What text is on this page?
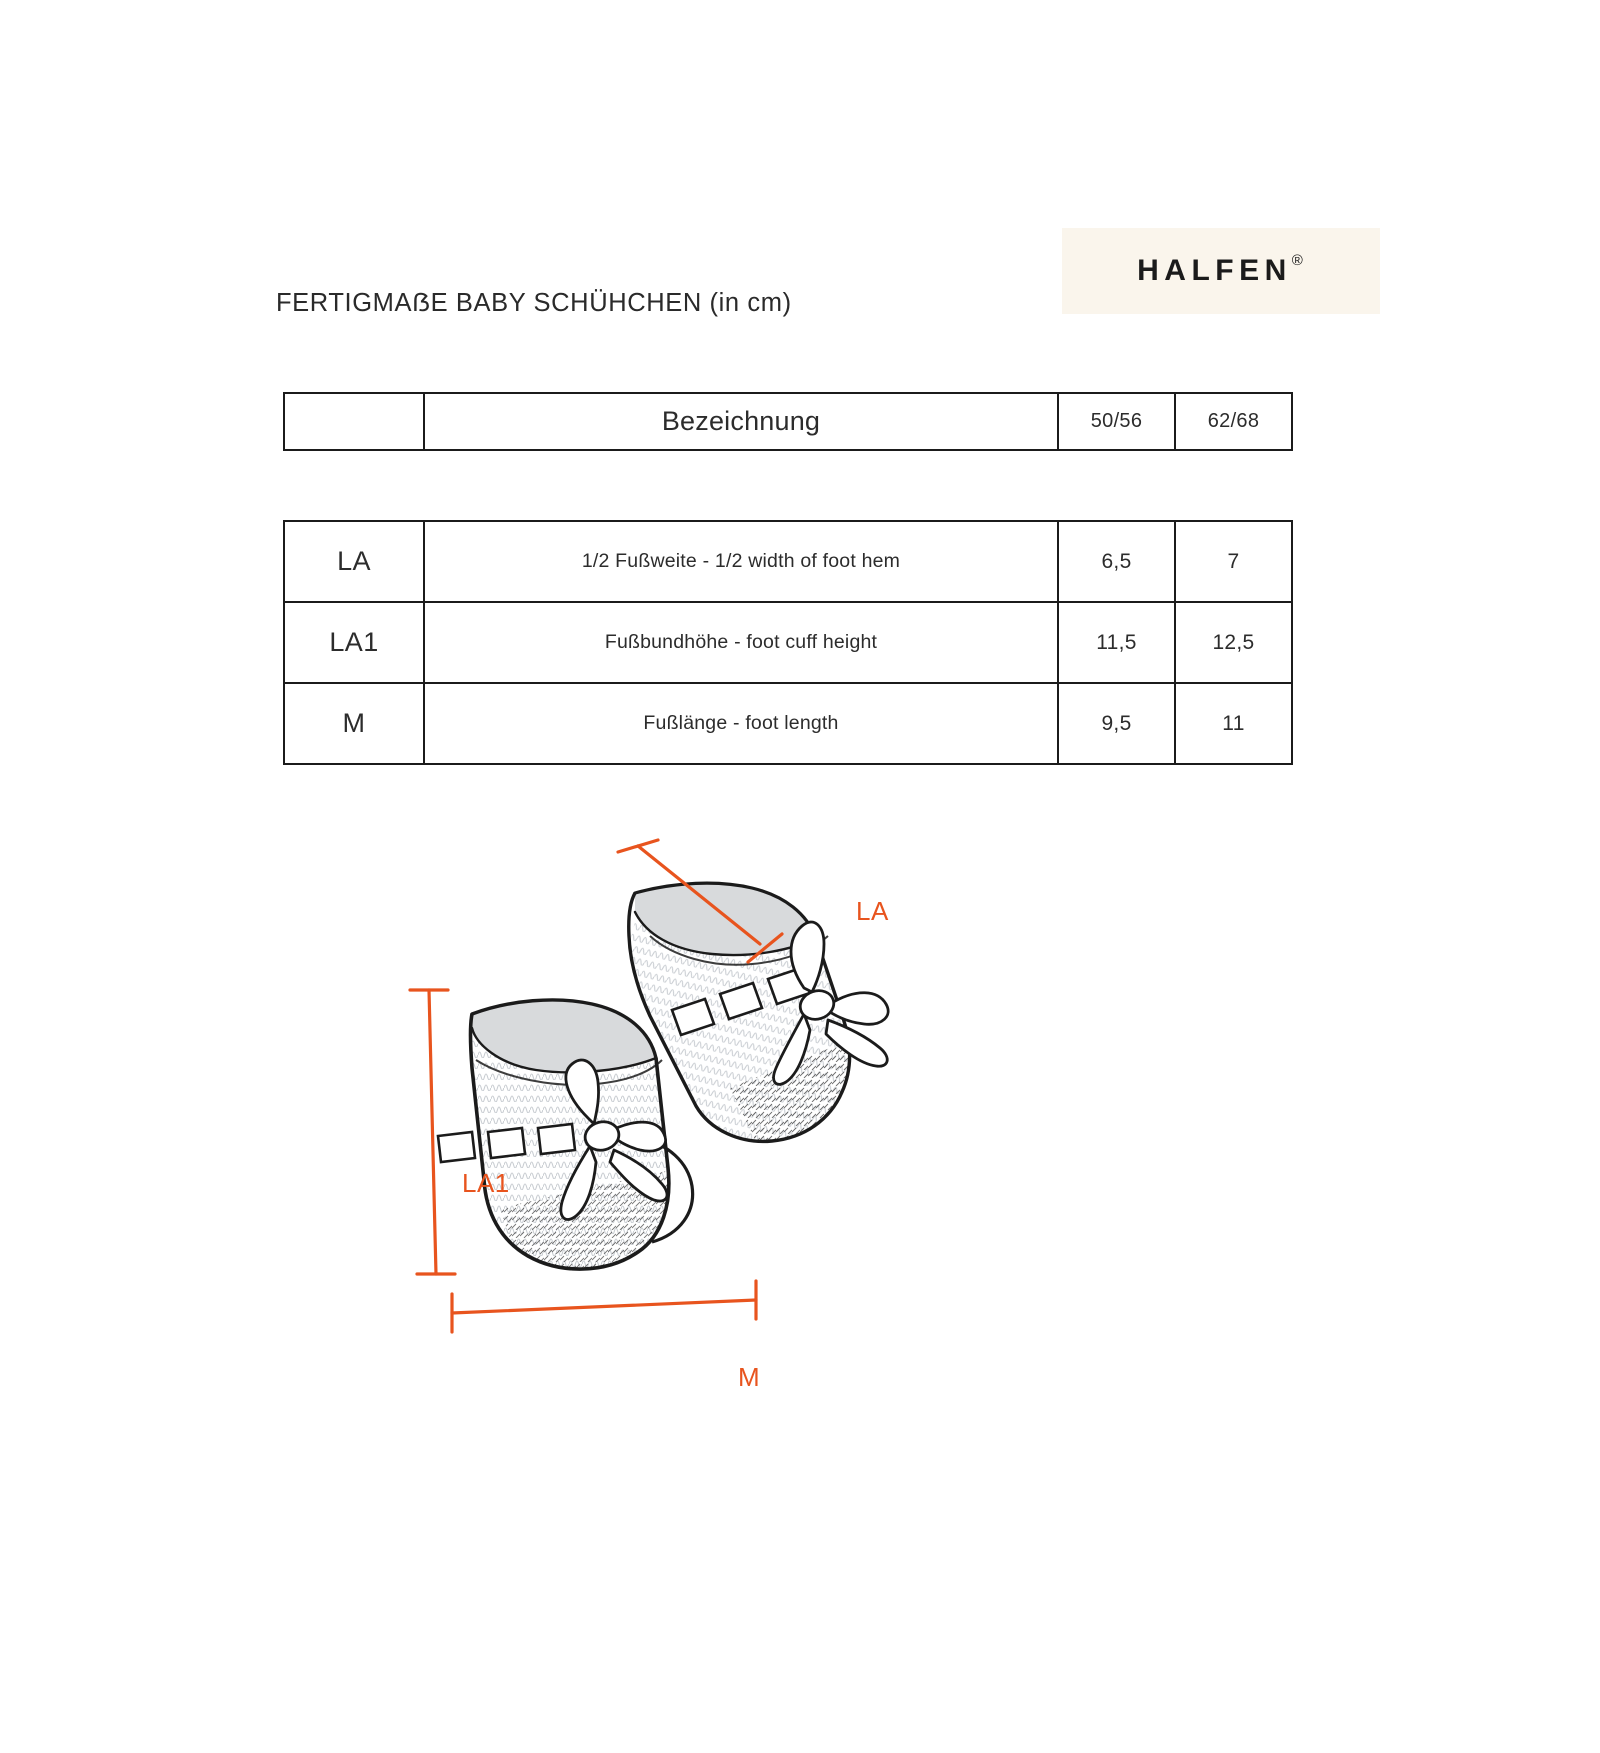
HALFEN®
FERTIGMAẞE BABY SCHÜHCHEN (in cm)
	Bezeichnung	50/56	62/68
LA	1/2 Fußweite - 1/2 width of foot hem	6,5	7
LA1	Fußbundhöhe - foot cuff height	11,5	12,5
M	Fußlänge - foot length	9,5	11
LA
LA1
M
